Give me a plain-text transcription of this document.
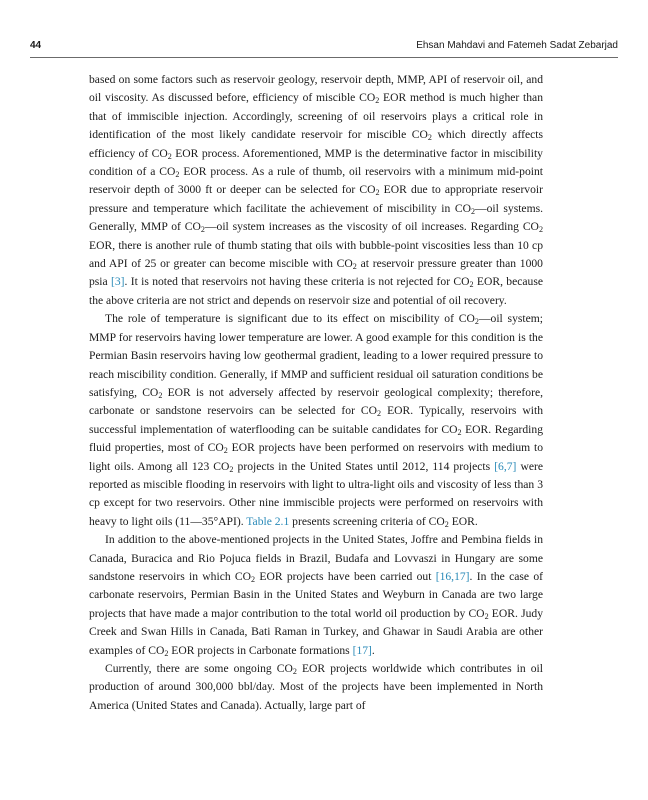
44	Ehsan Mahdavi and Fatemeh Sadat Zebarjad

based on some factors such as reservoir geology, reservoir depth, MMP, API of reservoir oil, and oil viscosity. As discussed before, efficiency of miscible $CO_2$ EOR method is much higher than that of immiscible injection. Accordingly, screening of oil reservoirs plays a critical role in identification of the most likely candidate reservoir for miscible $CO_2$ which directly affects efficiency of $CO_2$ EOR process. Aforementioned, MMP is the determinative factor in miscibility condition of a $CO_2$ EOR process. As a rule of thumb, oil reservoirs with a minimum mid-point reservoir depth of 3000 ft or deeper can be selected for $CO_2$ EOR due to appropriate reservoir pressure and temperature which facilitate the achievement of miscibility in $CO_2—oil$ systems. Generally, MMP of $CO_2—oil$ system increases as the viscosity of oil increases. Regarding $CO_2$ EOR, there is another rule of thumb stating that oils with bubble-point viscosities less than 10 cp and API of 25 or greater can become miscible with $CO_2$ at reservoir pressure greater than 1000 psia [3]. It is noted that reservoirs not having these criteria is not rejected for $CO_2$ EOR, because the above criteria are not strict and depends on reservoir size and potential of oil recovery.

The role of temperature is significant due to its effect on miscibility of $CO_2—oil$ system; MMP for reservoirs having lower temperature are lower. A good example for this condition is the Permian Basin reservoirs having low geothermal gradient, leading to a lower required pressure to reach miscibility condition. Generally, if MMP and sufficient residual oil saturation conditions be satisfying, $CO_2$ EOR is not adversely affected by reservoir geological complexity; therefore, carbonate or sandstone reservoirs can be selected for $CO_2$ EOR. Typically, reservoirs with successful implementation of waterflooding can be suitable candidates for $CO_2$ EOR. Regarding fluid properties, most of $CO_2$ EOR projects have been performed on reservoirs with medium to light oils. Among all 123 $CO_2$ projects in the United States until 2012, 114 projects [6,7] were reported as miscible flooding in reservoirs with light to ultra-light oils and viscosity of less than 3 cp except for two reservoirs. Other nine immiscible projects were performed on reservoirs with heavy to light oils (11—35°API). Table 2.1 presents screening criteria of $CO_2$ EOR.

In addition to the above-mentioned projects in the United States, Joffre and Pembina fields in Canada, Buracica and Rio Pojuca fields in Brazil, Budafa and Lovvaszi in Hungary are some sandstone reservoirs in which $CO_2$ EOR projects have been carried out [16,17]. In the case of carbonate reservoirs, Permian Basin in the United States and Weyburn in Canada are two large projects that have made a major contribution to the total world oil production by $CO_2$ EOR. Judy Creek and Swan Hills in Canada, Bati Raman in Turkey, and Ghawar in Saudi Arabia are other examples of $CO_2$ EOR projects in Carbonate formations [17].

Currently, there are some ongoing $CO_2$ EOR projects worldwide which contributes in oil production of around 300,000 bbl/day. Most of the projects have been implemented in North America (United States and Canada). Actually, large part of
